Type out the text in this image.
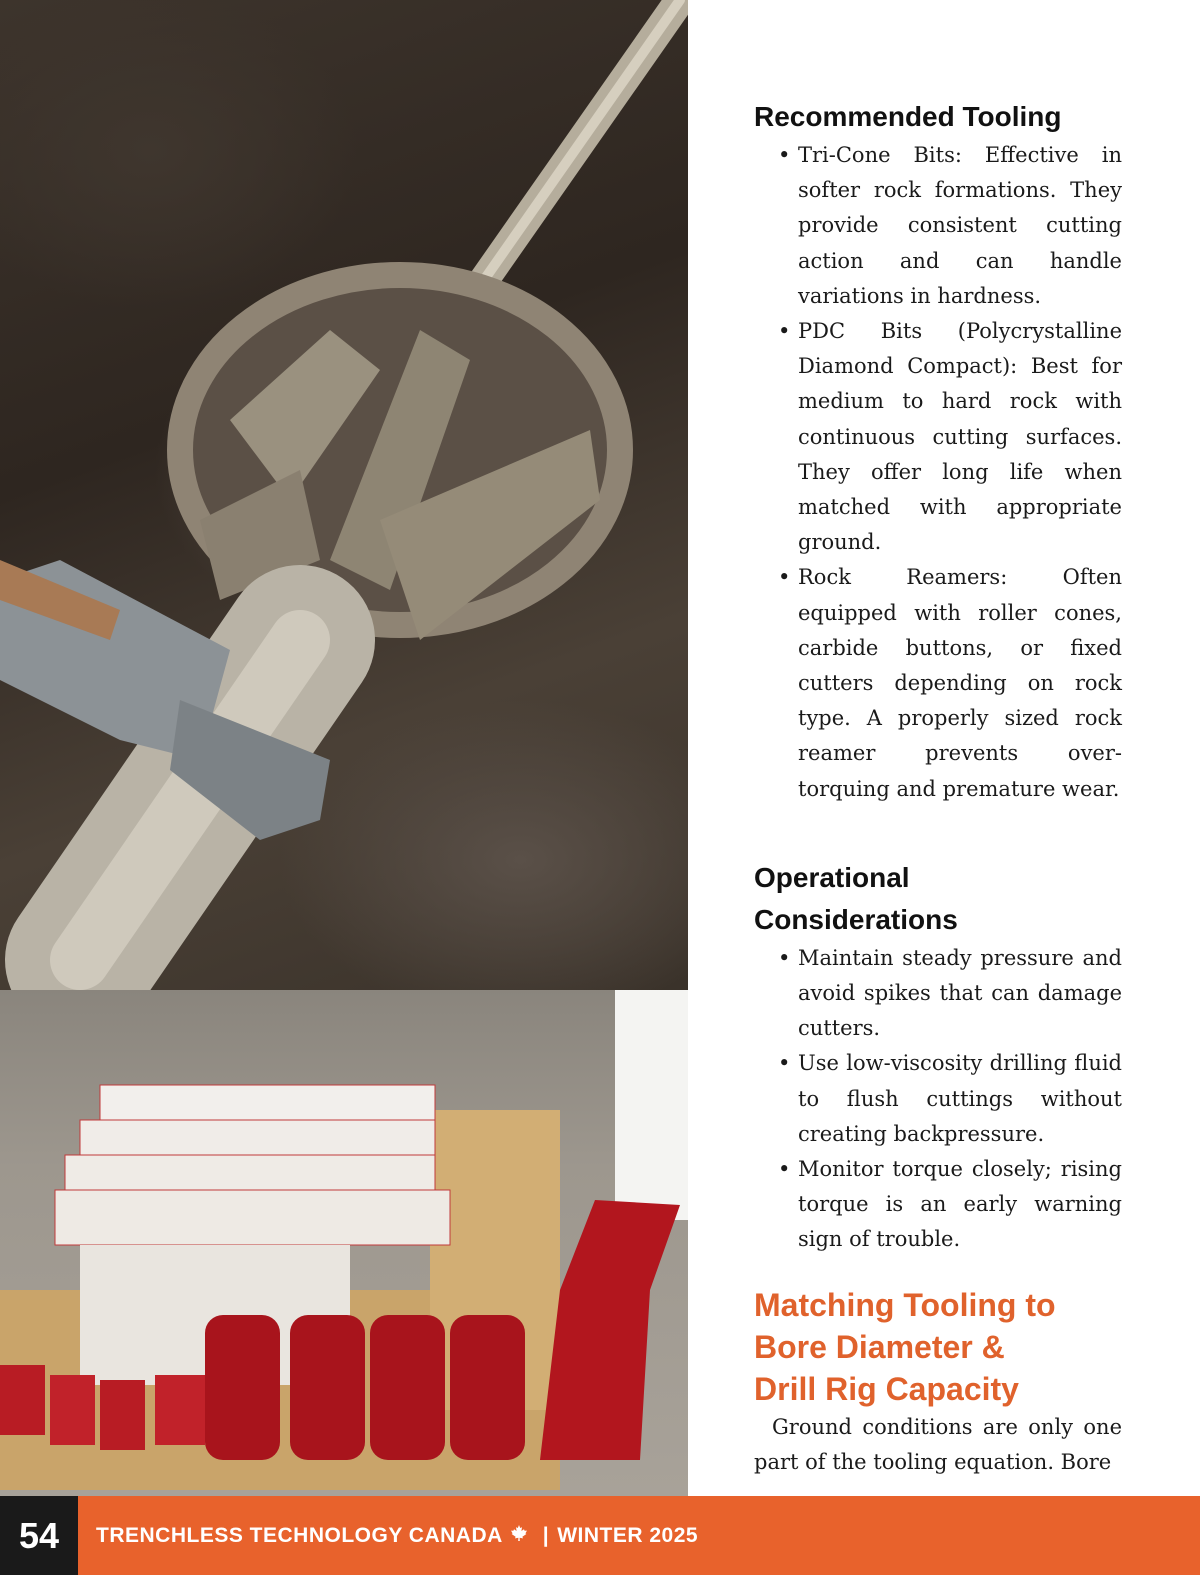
Recommended Tooling
• Tri-Cone Bits: Effective in softer rock formations. They provide consistent cutting action and can handle variations in hardness.
• PDC Bits (Polycrystalline Diamond Compact): Best for medium to hard rock with continuous cutting surfaces. They offer long life when matched with appropriate ground.
• Rock Reamers: Often equipped with roller cones, carbide buttons, or fixed cutters depending on rock type. A properly sized rock reamer prevents over-torquing and premature wear.
Operational
Considerations
• Maintain steady pressure and avoid spikes that can damage cutters.
• Use low-viscosity drilling fluid to flush cuttings without creating backpressure.
• Monitor torque closely; rising torque is an early warning sign of trouble.
Matching Tooling to
Bore Diameter &
Drill Rig Capacity

Ground conditions are only one part of the tooling equation. Bore

54	TRENCHLESS TECHNOLOGY CANADA | WINTER 2025
